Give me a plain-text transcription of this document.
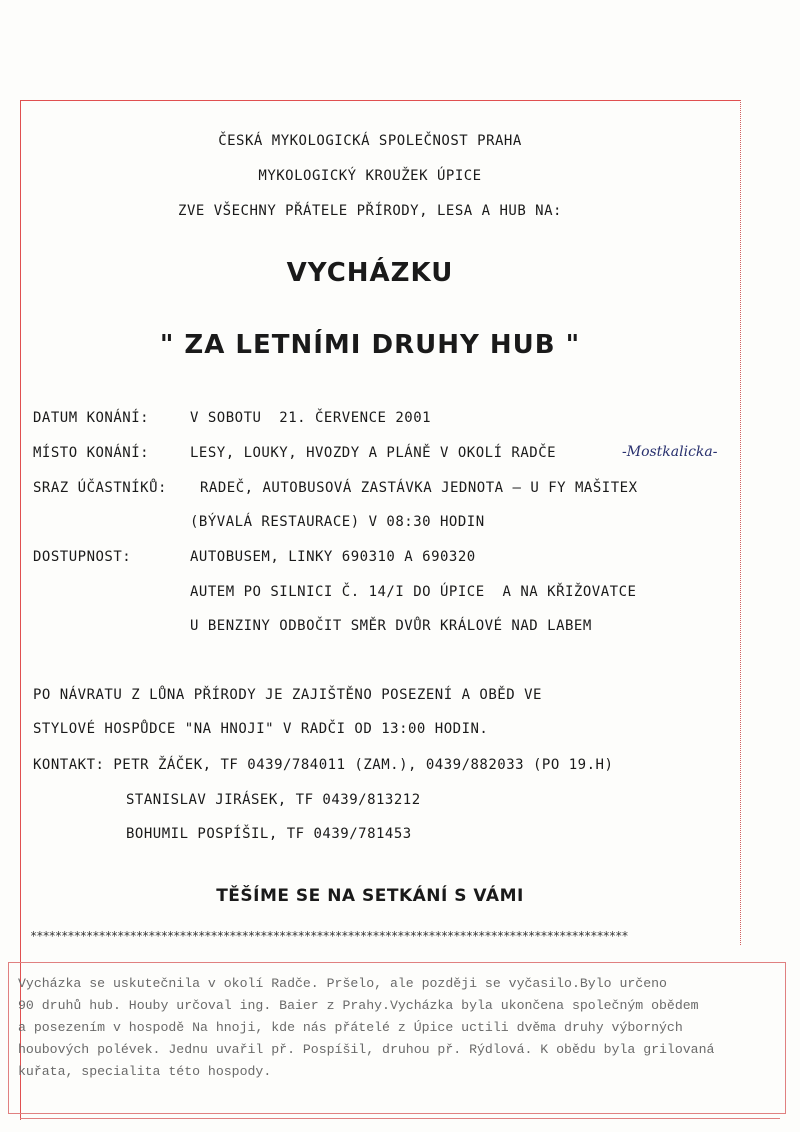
ČESKÁ MYKOLOGICKÁ SPOLEČNOST PRAHA
MYKOLOGICKÝ KROUŽEK ÚPICE
ZVE VŠECHNY PŘÁTELE PŘÍRODY, LESA A HUB NA:
VYCHÁZKU
" ZA LETNÍMI DRUHY HUB "
DATUM KONÁNÍ:	V SOBOTU  21. ČERVENCE 2001
MÍSTO KONÁNÍ:	LESY, LOUKY, HVOZDY A PLÁNĚ V OKOLÍ RADČE	-Mostkalicka-
SRAZ ÚČASTNÍKŮ: RADEČ, AUTOBUSOVÁ ZASTÁVKA JEDNOTA – U FY MAŠITEX
(BÝVALÁ RESTAURACE) V 08:30 HODIN
DOSTUPNOST:	AUTOBUSEM, LINKY 690310 A 690320
AUTEM PO SILNICI Č. 14/I DO ÚPICE  A NA KŘIŽOVATCE
U BENZINY ODBOČIT SMĚR DVŮR KRÁLOVÉ NAD LABEM
PO NÁVRATU Z LŮNA PŘÍRODY JE ZAJIŠTĚNO POSEZENÍ A OBĚD VE
STYLOVÉ HOSPŮDCE "NA HNOJI" V RADČI OD 13:00 HODIN.
KONTAKT: PETR ŽÁČEK, TF 0439/784011 (ZAM.), 0439/882033 (PO 19.H)
STANISLAV JIRÁSEK, TF 0439/813212
BOHUMIL POSPÍŠIL, TF 0439/781453
TĚŠÍME SE NA SETKÁNÍ S VÁMI
************************************************************************************************
Vycházka se uskutečnila v okolí Radče. Pršelo, ale později se vyčasilo.Bylo určeno
90 druhů hub. Houby určoval ing. Baier z Prahy.Vycházka byla ukončena společným obědem
a posezením v hospodě Na hnoji, kde nás přátelé z Úpice uctili dvěma druhy výborných
houbových polévek. Jednu uvařil př. Pospíšil, druhou př. Rýdlová. K obědu byla grilovaná
kuřata, specialita této hospody.
